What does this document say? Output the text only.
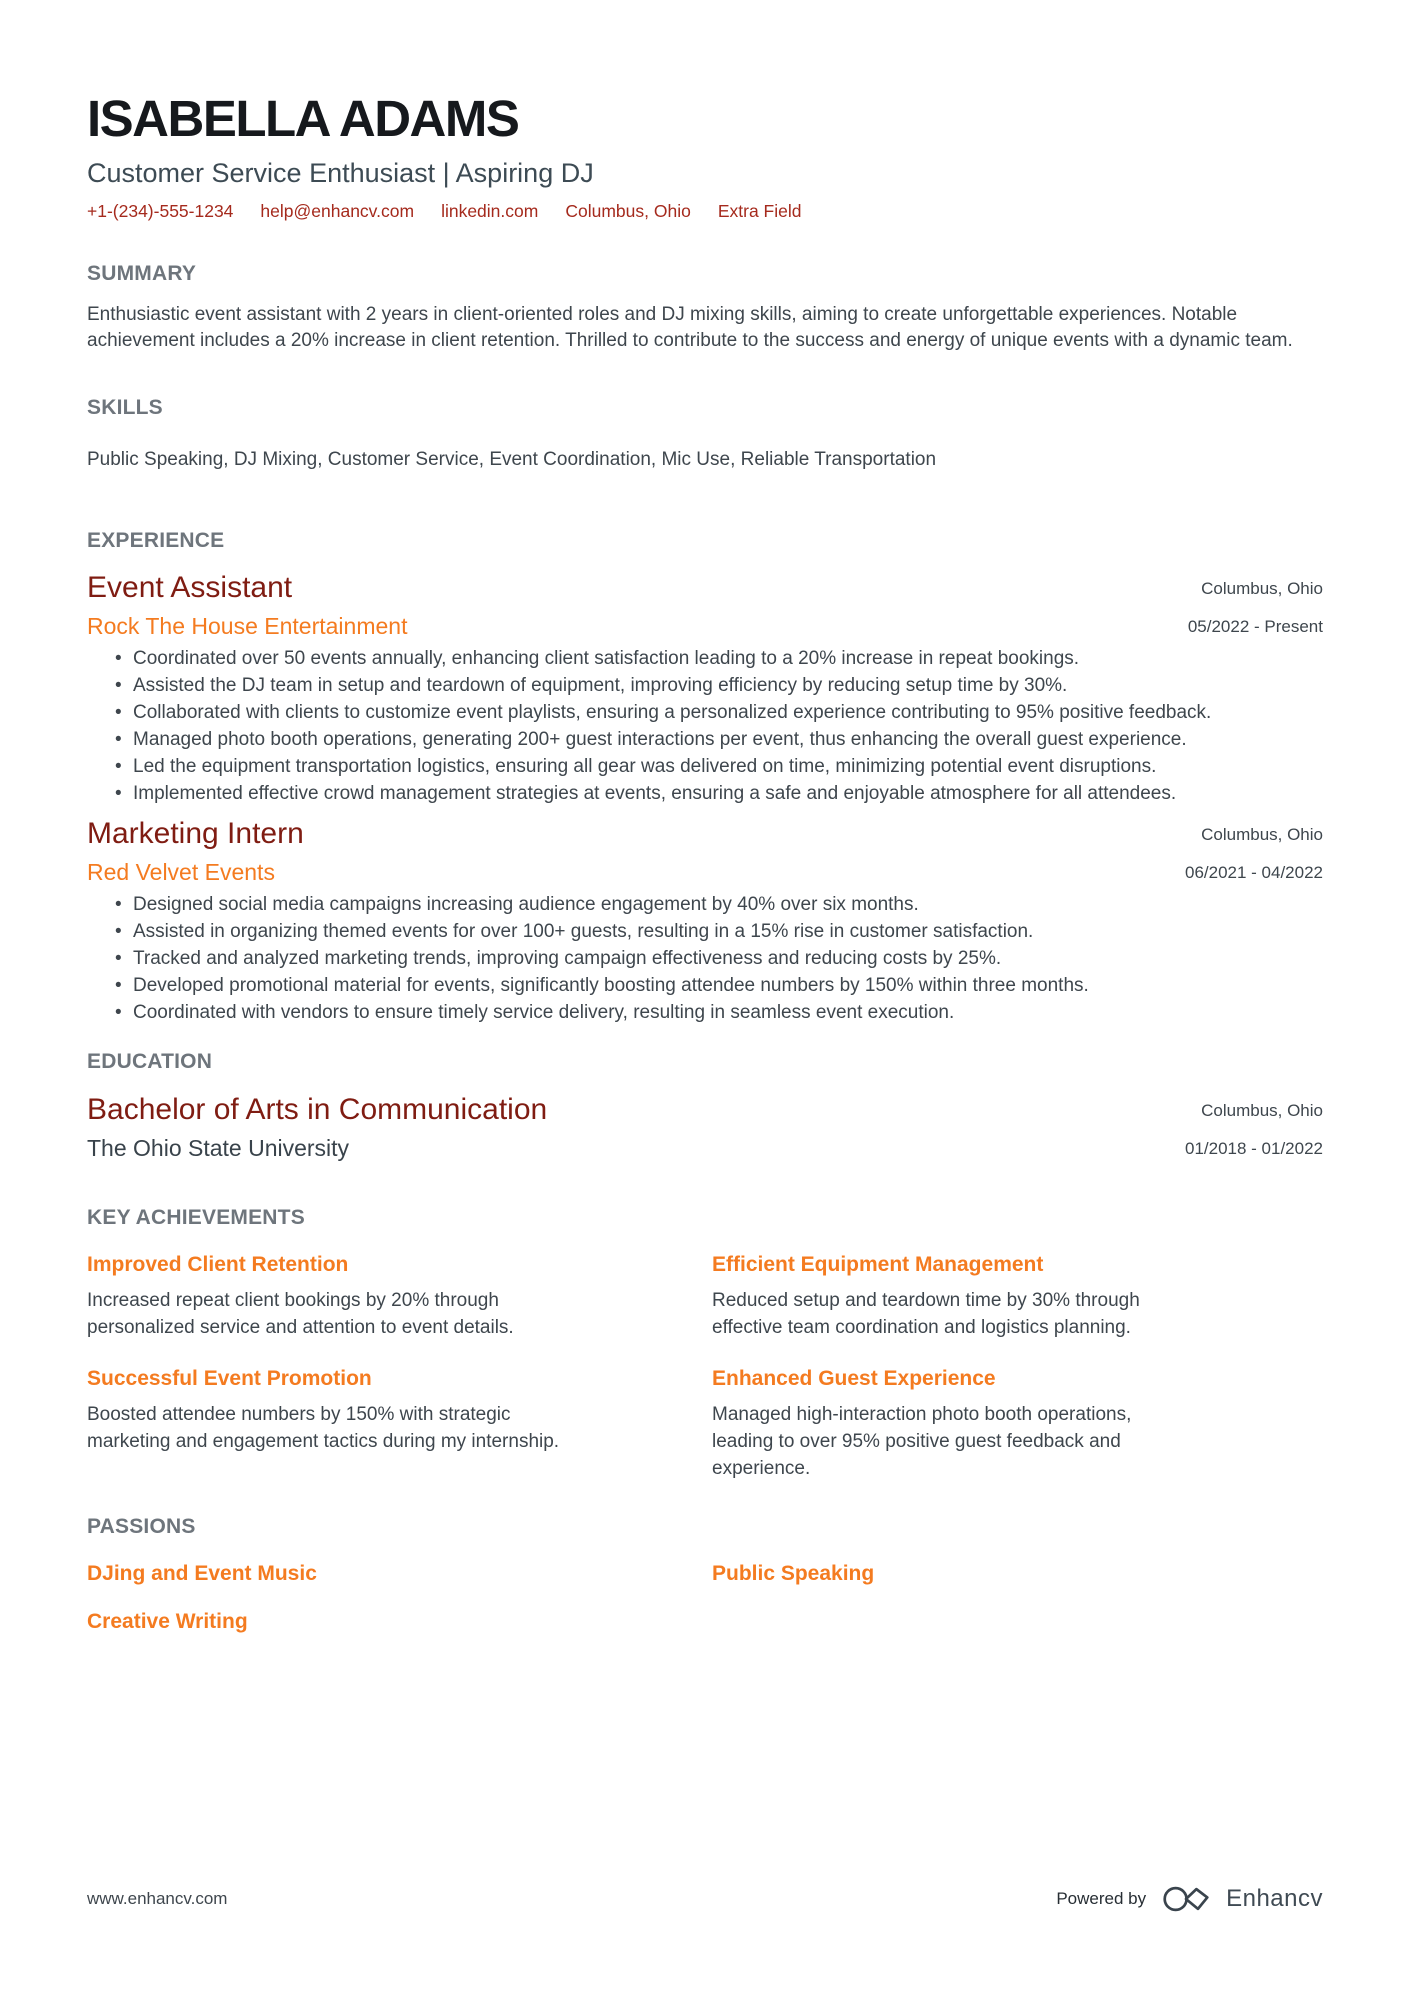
ISABELLA ADAMS
Customer Service Enthusiast | Aspiring DJ
+1-(234)-555-1234 help@enhancv.com linkedin.com Columbus, Ohio Extra Field
SUMMARY

Enthusiastic event assistant with 2 years in client-oriented roles and DJ mixing skills, aiming to create unforgettable experiences. Notable achievement includes a 20% increase in client retention. Thrilled to contribute to the success and energy of unique events with a dynamic team.

SKILLS
Public Speaking, DJ Mixing, Customer Service, Event Coordination, Mic Use, Reliable Transportation
EXPERIENCE
Event Assistant
Rock The House Entertainment
Columbus, Ohio
05/2022 - Present
• Coordinated over 50 events annually, enhancing client satisfaction leading to a 20% increase in repeat bookings.
• Assisted the DJ team in setup and teardown of equipment, improving efficiency by reducing setup time by 30%.
• Collaborated with clients to customize event playlists, ensuring a personalized experience contributing to 95% positive feedback.
• Managed photo booth operations, generating 200+ guest interactions per event, thus enhancing the overall guest experience.
• Led the equipment transportation logistics, ensuring all gear was delivered on time, minimizing potential event disruptions.
• Implemented effective crowd management strategies at events, ensuring a safe and enjoyable atmosphere for all attendees.
Marketing Intern
Red Velvet Events
Columbus, Ohio
06/2021 - 04/2022
• Designed social media campaigns increasing audience engagement by 40% over six months.
• Assisted in organizing themed events for over 100+ guests, resulting in a 15% rise in customer satisfaction.
• Tracked and analyzed marketing trends, improving campaign effectiveness and reducing costs by 25%.
• Developed promotional material for events, significantly boosting attendee numbers by 150% within three months.
• Coordinated with vendors to ensure timely service delivery, resulting in seamless event execution.
EDUCATION
Bachelor of Arts in Communication
The Ohio State University
Columbus, Ohio
01/2018 - 01/2022
KEY ACHIEVEMENTS
Improved Client Retention
Increased repeat client bookings by 20% through personalized service and attention to event details.
Efficient Equipment Management
Reduced setup and teardown time by 30% through effective team coordination and logistics planning.
Successful Event Promotion
Boosted attendee numbers by 150% with strategic marketing and engagement tactics during my internship.
Enhanced Guest Experience
Managed high-interaction photo booth operations, leading to over 95% positive guest feedback and experience.
PASSIONS
DJing and Event Music	Public Speaking
Creative Writing
www.enhancv.com	Powered by	Enhancv
